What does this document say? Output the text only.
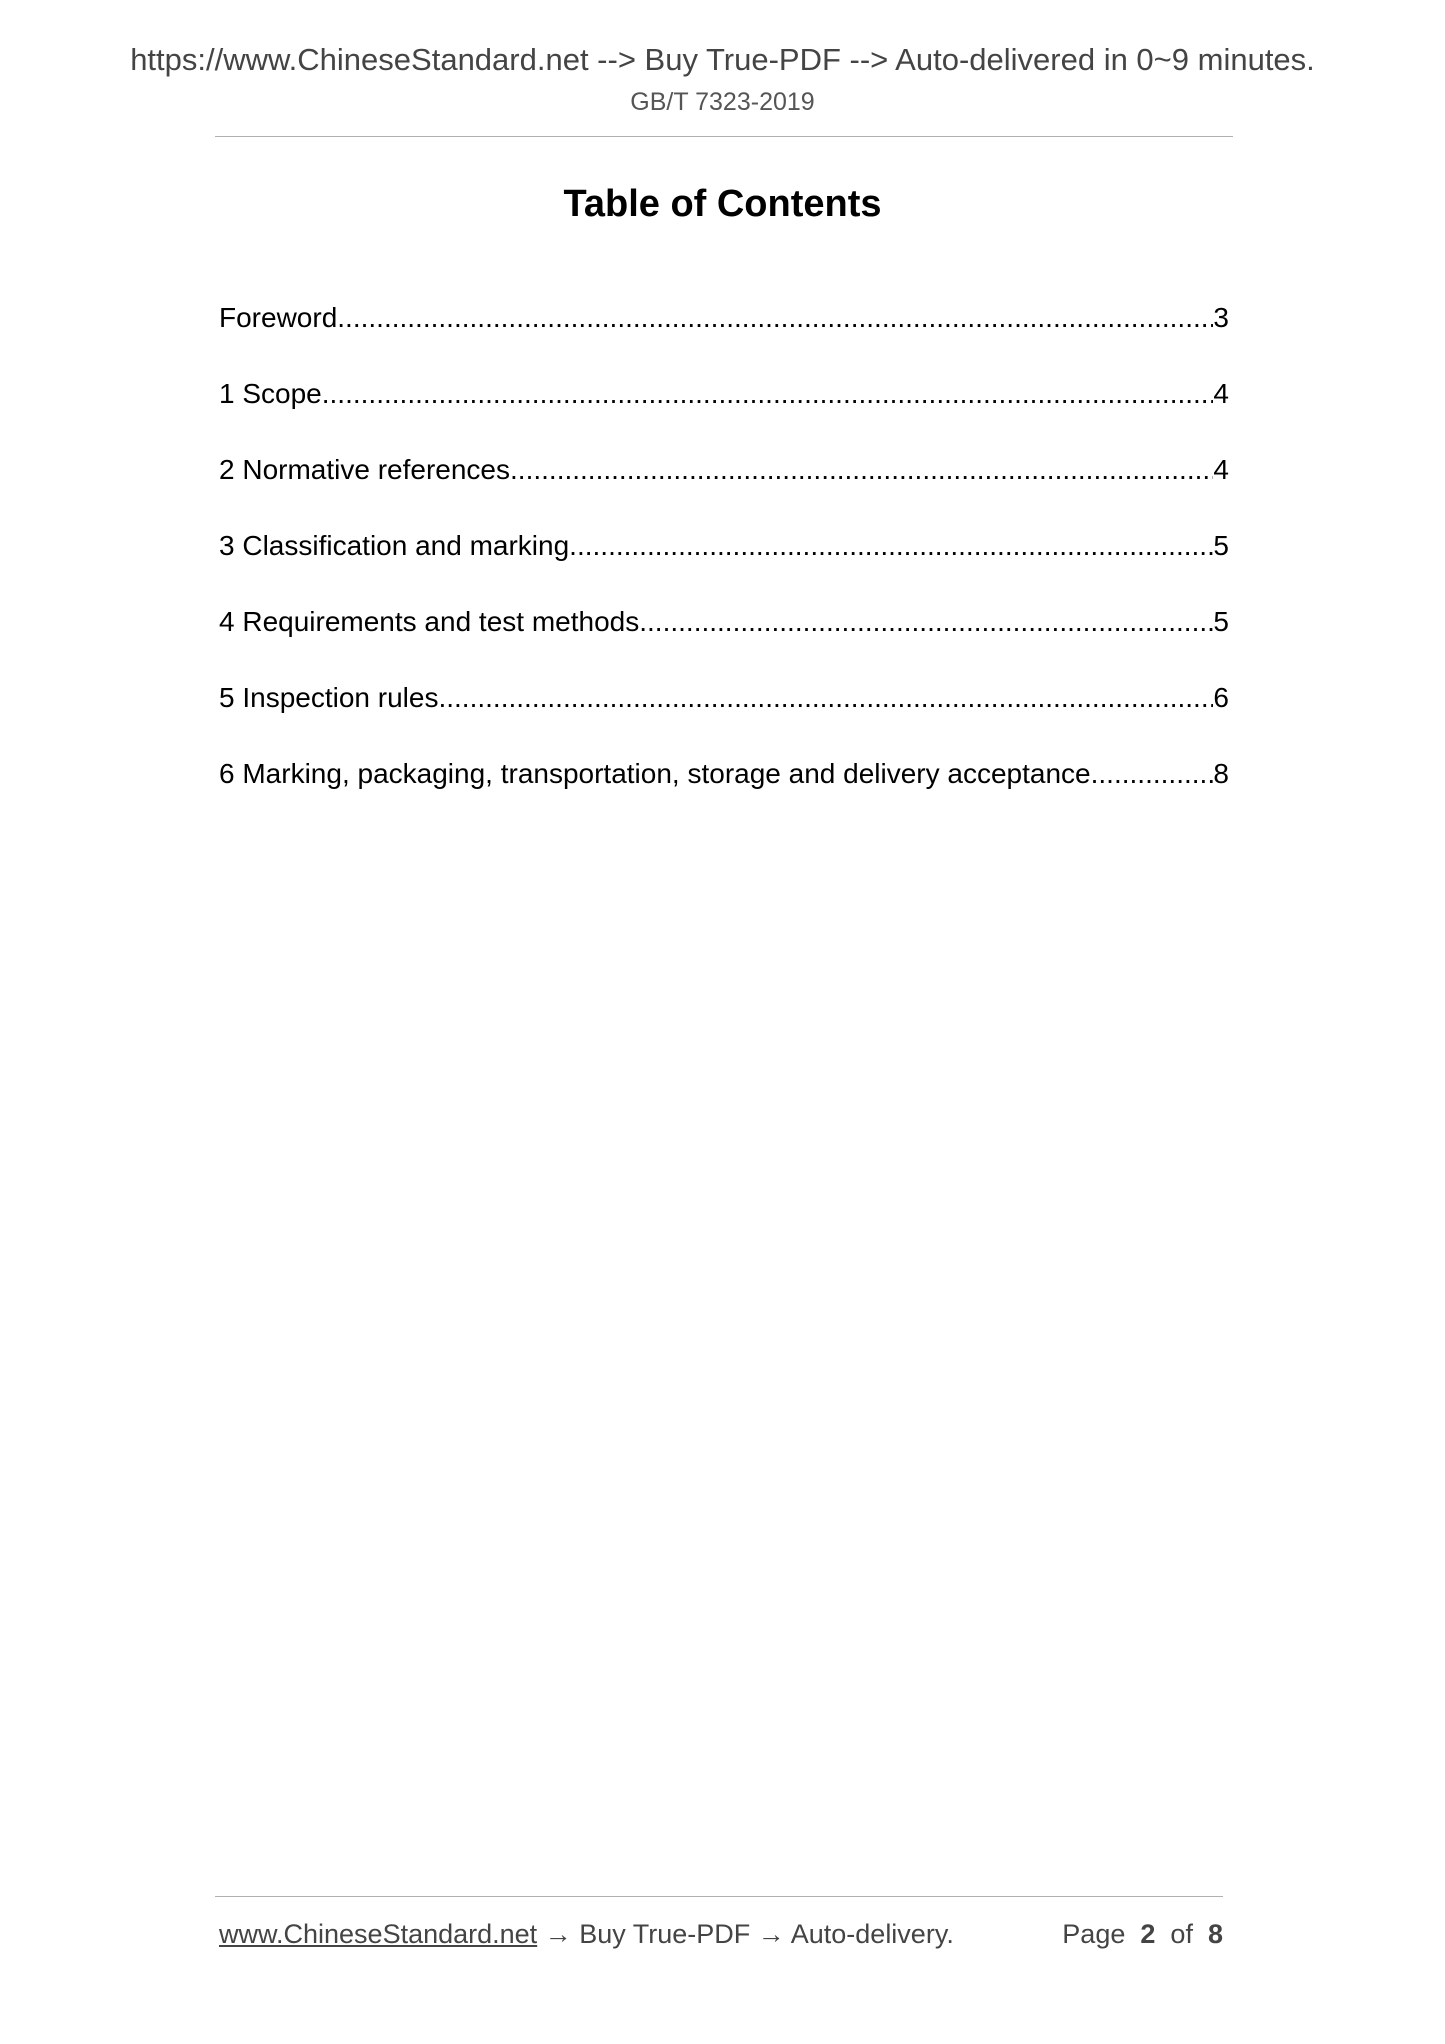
https://www.ChineseStandard.net --> Buy True-PDF --> Auto-delivered in 0~9 minutes.
GB/T 7323-2019
Table of Contents
Foreword .....	3
1 Scope .....	4
2 Normative references .....	4
3 Classification and marking .....	5
4 Requirements and test methods .....	5
5 Inspection rules .....	6
6 Marking, packaging, transportation, storage and delivery acceptance .....	8
www.ChineseStandard.net → Buy True-PDF → Auto-delivery.	Page 2 of 8
